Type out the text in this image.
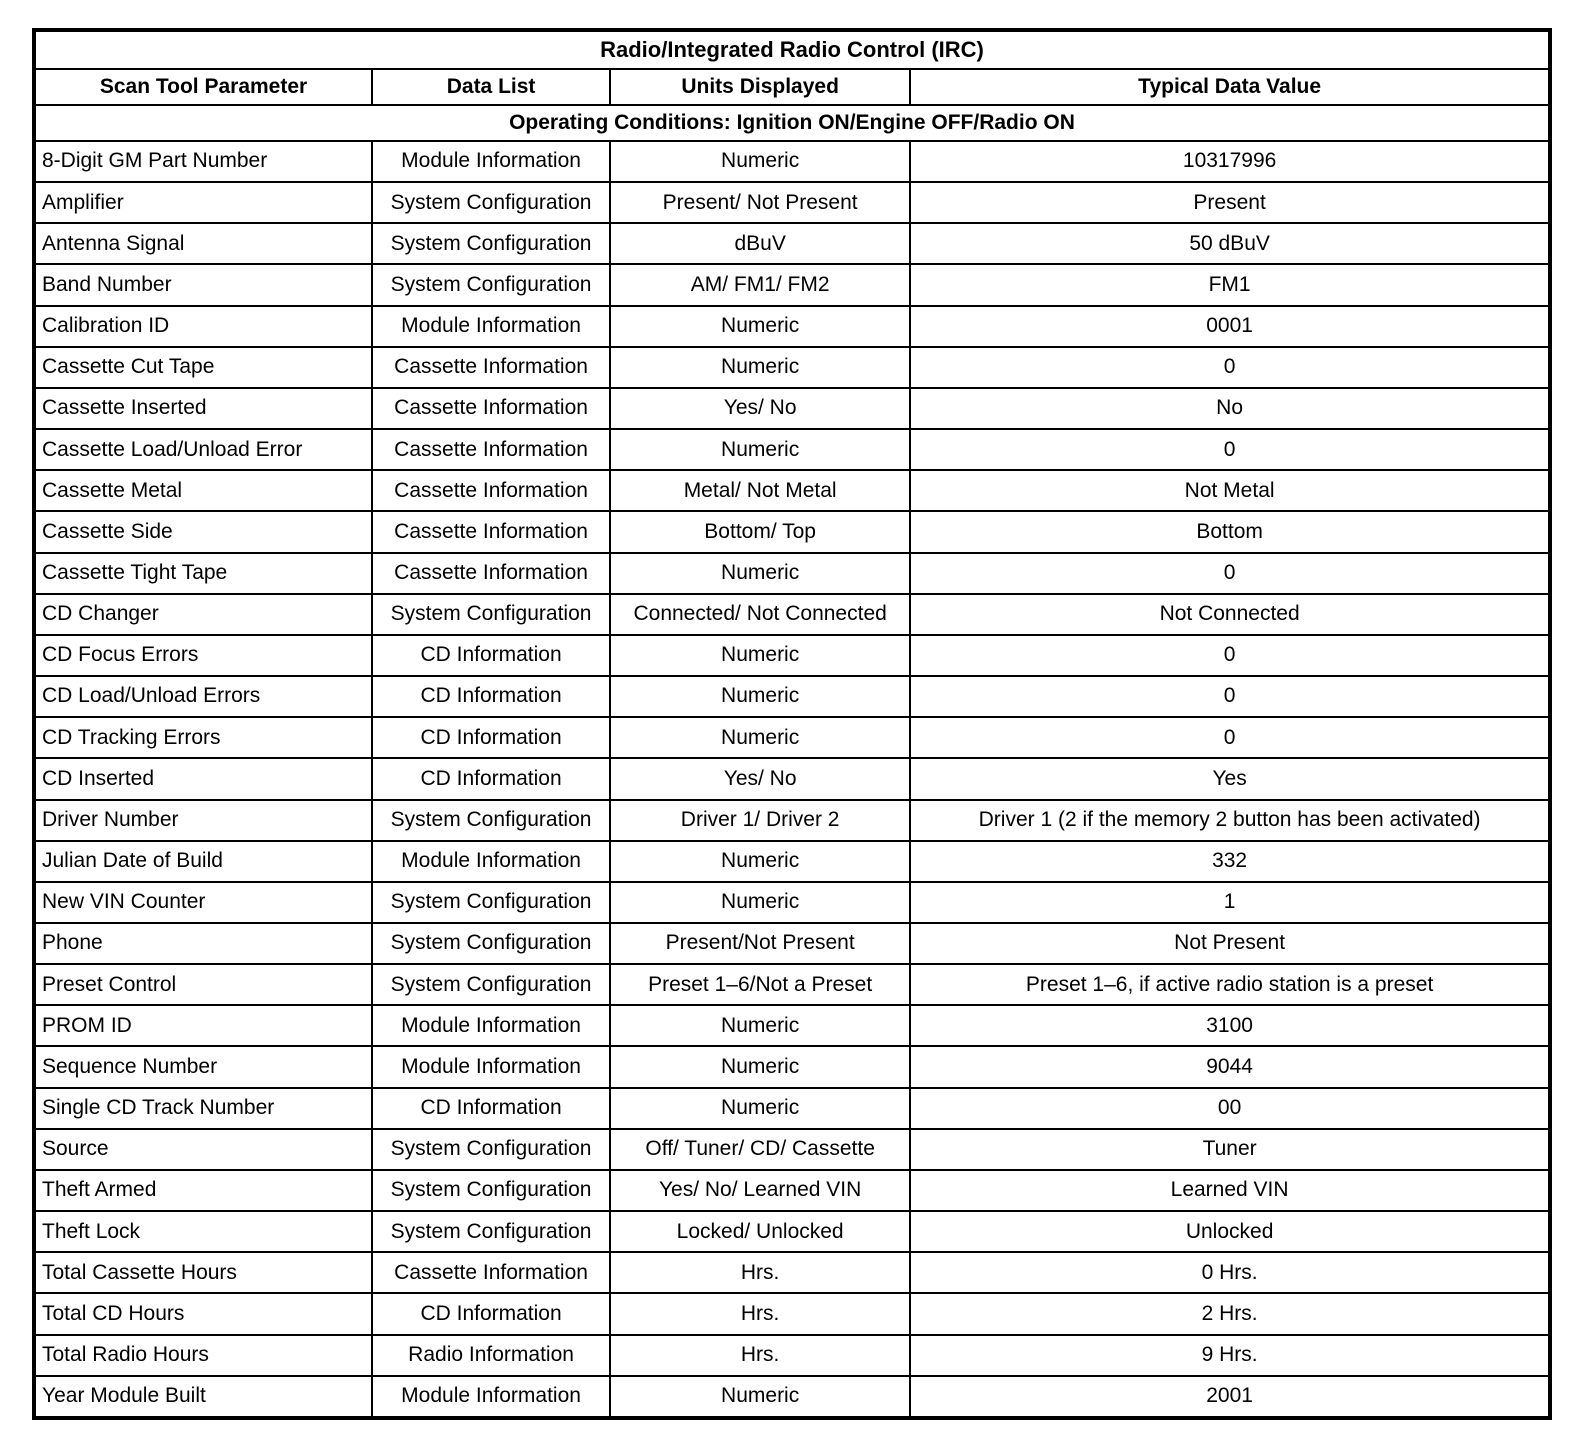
Radio/Integrated Radio Control (IRC)			
Scan Tool Parameter	Data List	Units Displayed	Typical Data Value
Operating Conditions: Ignition ON/Engine OFF/Radio ON			
8-Digit GM Part Number	Module Information	Numeric	10317996
Amplifier	System Configuration	Present/ Not Present	Present
Antenna Signal	System Configuration	dBuV	50 dBuV
Band Number	System Configuration	AM/ FM1/ FM2	FM1
Calibration ID	Module Information	Numeric	0001
Cassette Cut Tape	Cassette Information	Numeric	0
Cassette Inserted	Cassette Information	Yes/ No	No
Cassette Load/Unload Error	Cassette Information	Numeric	0
Cassette Metal	Cassette Information	Metal/ Not Metal	Not Metal
Cassette Side	Cassette Information	Bottom/ Top	Bottom
Cassette Tight Tape	Cassette Information	Numeric	0
CD Changer	System Configuration	Connected/ Not Connected	Not Connected
CD Focus Errors	CD Information	Numeric	0
CD Load/Unload Errors	CD Information	Numeric	0
CD Tracking Errors	CD Information	Numeric	0
CD Inserted	CD Information	Yes/ No	Yes
Driver Number	System Configuration	Driver 1/ Driver 2	Driver 1 (2 if the memory 2 button has been activated)
Julian Date of Build	Module Information	Numeric	332
New VIN Counter	System Configuration	Numeric	1
Phone	System Configuration	Present/Not Present	Not Present
Preset Control	System Configuration	Preset 1–6/Not a Preset	Preset 1–6, if active radio station is a preset
PROM ID	Module Information	Numeric	3100
Sequence Number	Module Information	Numeric	9044
Single CD Track Number	CD Information	Numeric	00
Source	System Configuration	Off/ Tuner/ CD/ Cassette	Tuner
Theft Armed	System Configuration	Yes/ No/ Learned VIN	Learned VIN
Theft Lock	System Configuration	Locked/ Unlocked	Unlocked
Total Cassette Hours	Cassette Information	Hrs.	0 Hrs.
Total CD Hours	CD Information	Hrs.	2 Hrs.
Total Radio Hours	Radio Information	Hrs.	9 Hrs.
Year Module Built	Module Information	Numeric	2001
